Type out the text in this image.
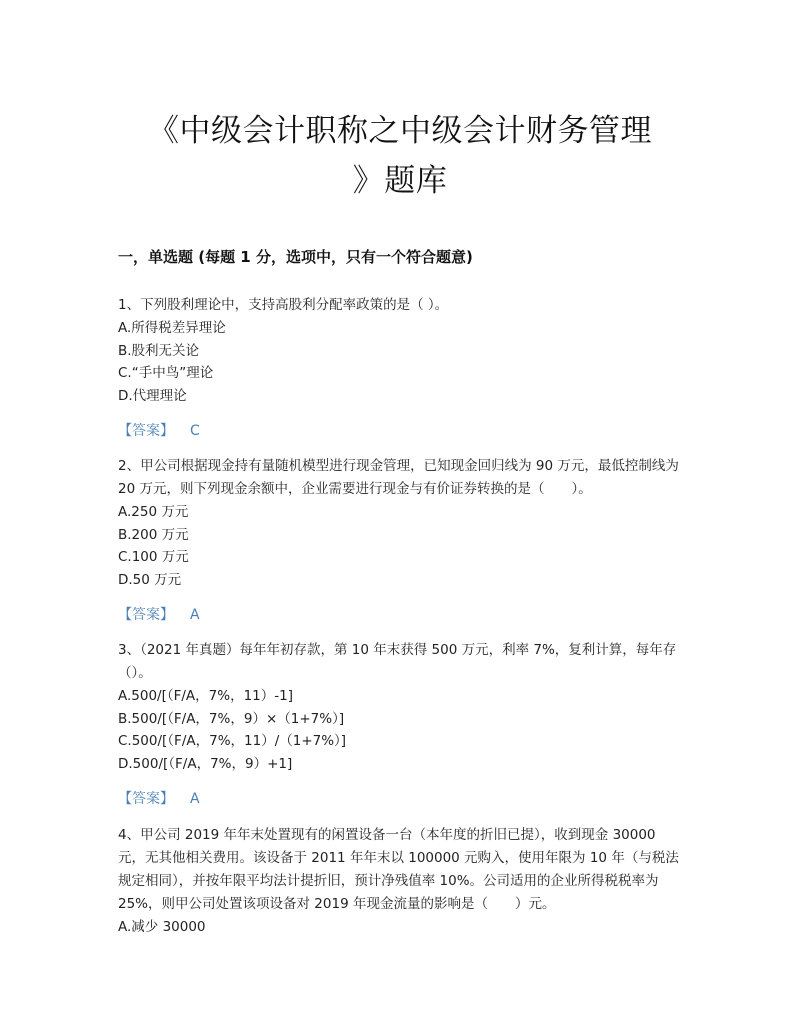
《中级会计职称之中级会计财务管理
》题库
一，单选题 (每题 1 分，选项中，只有一个符合题意)

1、下列股利理论中，支持高股利分配率政策的是（ ）。

A.所得税差异理论

B.股利无关论

C.“手中鸟”理论

D.代理理论

【答案】 C

2、甲公司根据现金持有量随机模型进行现金管理，已知现金回归线为 90 万元，最低控制线为 20 万元，则下列现金余额中，企业需要进行现金与有价证券转换的是（　　）。

A.250 万元

B.200 万元

C.100 万元

D.50 万元

【答案】 A

3、（2021 年真题）每年年初存款，第 10 年末获得 500 万元，利率 7%，复利计算，每年存（）。

A.500/[（F/A，7%，11）-1]

B.500/[（F/A，7%，9）×（1+7%）]

C.500/[（F/A，7%，11）/（1+7%）]

D.500/[（F/A，7%，9）+1]

【答案】 A

4、甲公司 2019 年年末处置现有的闲置设备一台（本年度的折旧已提），收到现金 30000 元，无其他相关费用。该设备于 2011 年年末以 100000 元购入，使用年限为 10 年（与税法规定相同），并按年限平均法计提折旧，预计净残值率 10%。公司适用的企业所得税税率为 25%，则甲公司处置该项设备对 2019 年现金流量的影响是（　　）元。

A.减少 30000
